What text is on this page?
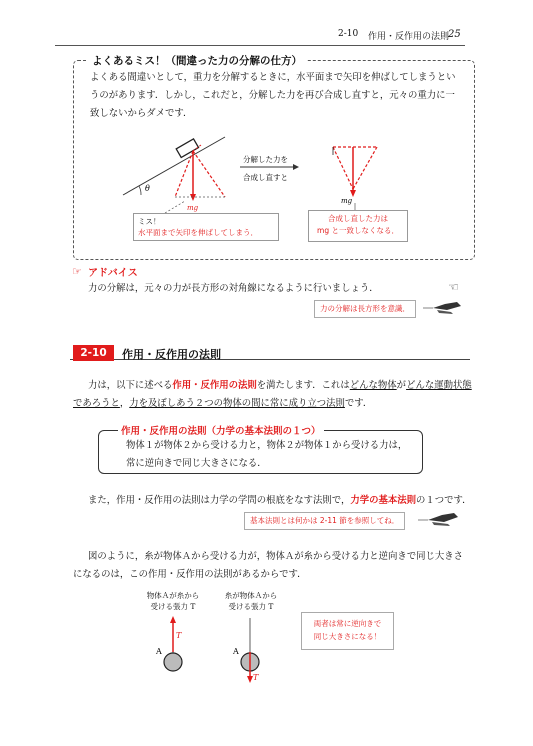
2-10 作用・反作用の法則
25
よくあるミス！（間違った力の分解の仕方）
よくある間違いとして，重力を分解するときに，水平面まで矢印を伸ばしてしまうというのがあります．しかし，これだと，分解した力を再び合成し直すと，元々の重力に一致しないからダメです．
θ
mg
分解した力を
合成し直すと
mg
ミス！
水平面まで矢印を伸ばしてしまう．
合成し直した力は
mg と一致しなくなる．
☞ アドバイス
力の分解は，元々の力が長方形の対角線になるように行いましょう．	☜
力の分解は長方形を意識．
2-10	作用・反作用の法則
力は，以下に述べる作用・反作用の法則を満たします．これはどんな物体がどんな運動状態
であろうと，力を及ぼしあう２つの物体の間に常に成り立つ法則です．
作用・反作用の法則（力学の基本法則の１つ）
物体１が物体２から受ける力と，物体２が物体１から受ける力は，
常に逆向きで同じ大きさになる．
また，作用・反作用の法則は力学の学問の根底をなす法則で，力学の基本法則の１つです．
基本法則とは何かは 2-11 節を参照してね．
図のように，糸が物体Ａから受ける力が，物体Ａが糸から受ける力と逆向きで同じ大きさ
になるのは，この作用・反作用の法則があるからです．
物体Ａが糸から
受ける張力 T
糸が物体Ａから
受ける張力 T
T
A
T
A
両者は常に逆向きで
同じ大きさになる！
